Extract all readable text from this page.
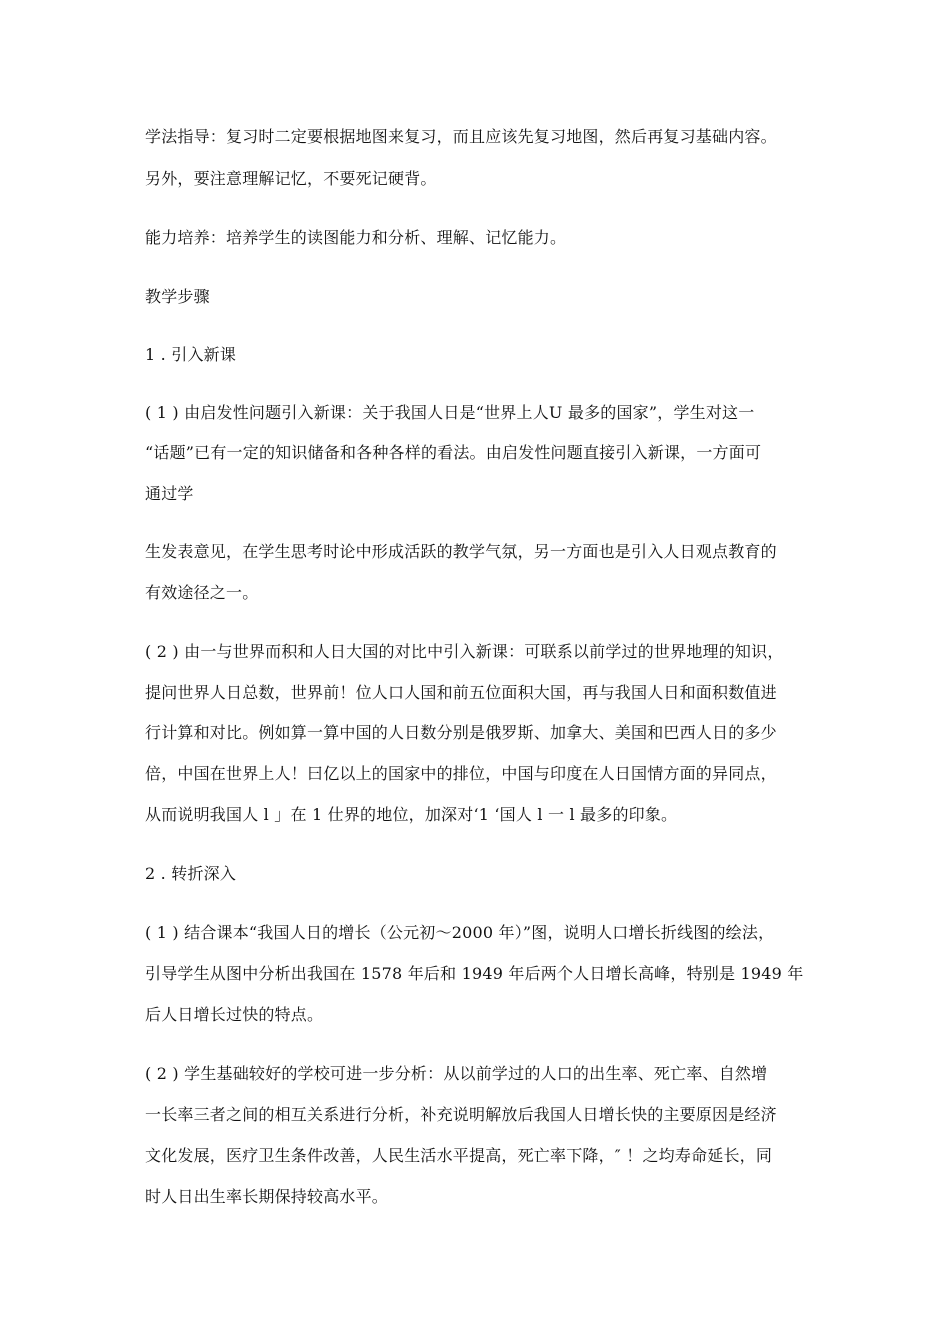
学法指导：复习时二定要根据地图来复习，而且应该先复习地图，然后再复习基础内容。
另外，要注意理解记忆，不要死记硬背。
能力培养：培养学生的读图能力和分析、理解、记忆能力。
教学步骤
1 . 引入新课
( 1 ) 由启发性问题引入新课：关于我国人日是“世界上人U 最多的国家”，学生对这一
“话题”已有一定的知识储备和各种各样的看法。由启发性问题直接引入新课，一方面可
通过学
生发表意见，在学生思考时论中形成活跃的教学气氛，另一方面也是引入人日观点教育的
有效途径之一。
( 2 ) 由一与世界而积和人日大国的对比中引入新课：可联系以前学过的世界地理的知识，
提问世界人日总数，世界前！位人口人国和前五位面积大国，再与我国人日和面积数值进
行计算和对比。例如算一算中国的人日数分别是俄罗斯、加拿大、美国和巴西人日的多少
倍，中国在世界上人！曰亿以上的国家中的排位，中国与印度在人日国情方面的异同点，
从而说明我国人 l 」在 1 仕界的地位，加深对‘1 ‘国人 l 一 l 最多的印象。
2 . 转折深入
( 1 ) 结合课本“我国人日的增长（公元初～2000 年）”图，说明人口增长折线图的绘法，
引导学生从图中分析出我国在 1578 年后和 1949 年后两个人日增长高峰，特别是 1949 年
后人日增长过快的特点。
( 2 ) 学生基础较好的学校可进一步分析：从以前学过的人口的出生率、死亡率、自然增
一长率三者之间的相互关系进行分析，补充说明解放后我国人日增长快的主要原因是经济
文化发展，医疗卫生条件改善，人民生活水平提高，死亡率下降，″ ！之均寿命延长，同
时人日出生率长期保持较高水平。
